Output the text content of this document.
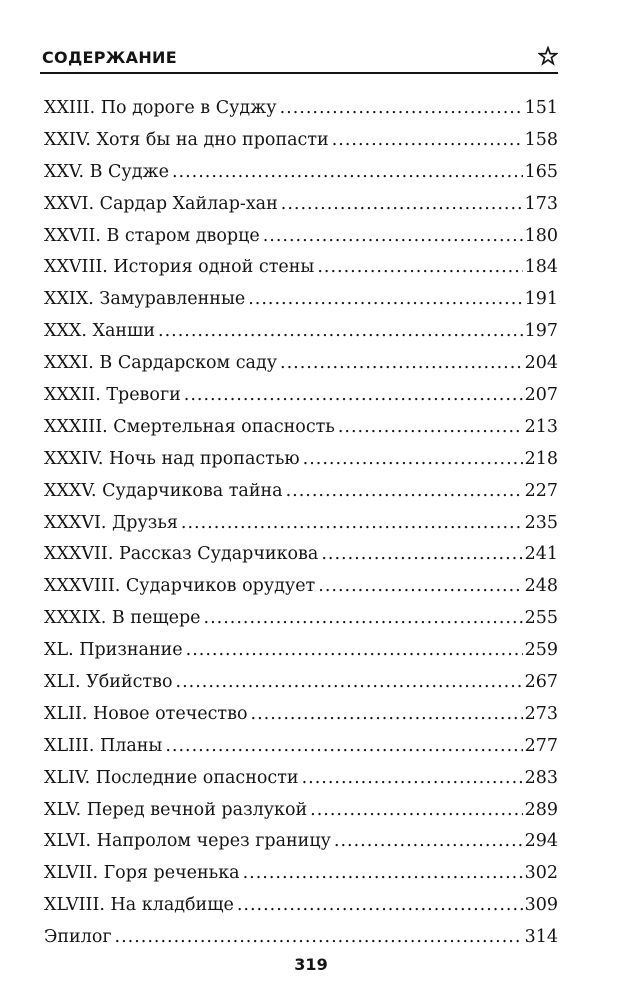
СОДЕРЖАНИЕ
XXIII. По дороге в Суджу .....	151
XXIV. Хотя бы на дно пропасти .....	158
XXV. В Судже .....	165
XXVI. Сардар Хайлар-хан .....	173
XXVII. В старом дворце .....	180
XXVIII. История одной стены .....	184
XXIX. Замуравленные .....	191
XXX. Ханши .....	197
XXXI. В Сардарском саду .....	204
XXXII. Тревоги .....	207
XXXIII. Смертельная опасность .....	213
XXXIV. Ночь над пропастью .....	218
XXXV. Сударчикова тайна .....	227
XXXVI. Друзья .....	235
XXXVII. Рассказ Сударчикова .....	241
XXXVIII. Сударчиков орудует .....	248
XXXIX. В пещере .....	255
XL. Признание .....	259
XLI. Убийство .....	267
XLII. Новое отечество .....	273
XLIII. Планы .....	277
XLIV. Последние опасности .....	283
XLV. Перед вечной разлукой .....	289
XLVI. Напролом через границу .....	294
XLVII. Горя реченька .....	302
XLVIII. На кладбище .....	309
Эпилог .....	314
319
